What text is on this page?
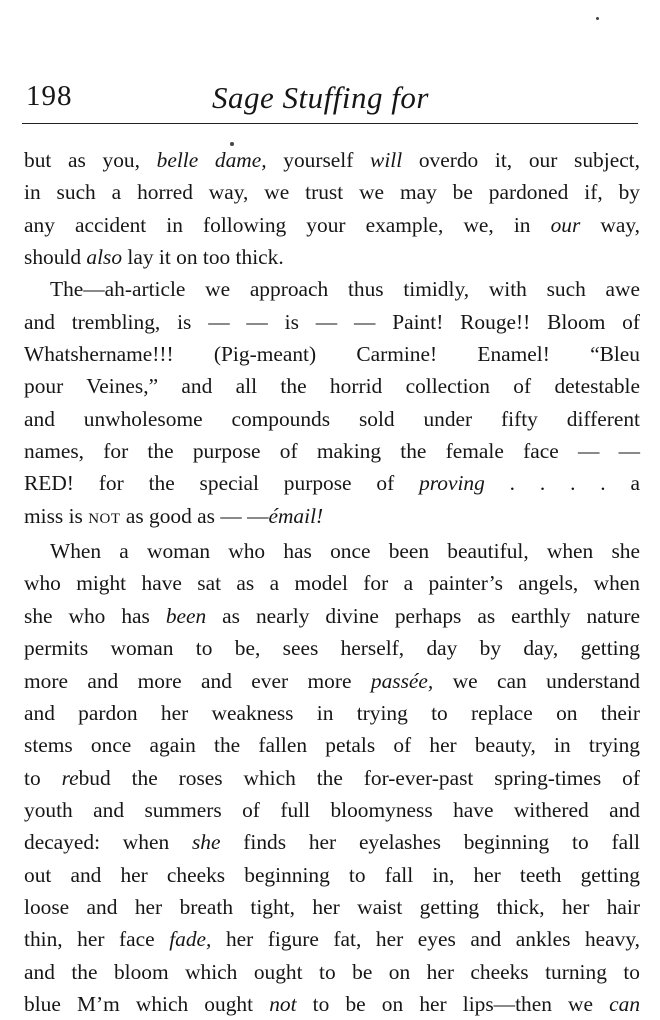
198	Sage Stuffing for

but as you, belle dame, yourself will overdo it, our subject,

in such a horred way, we trust we may be pardoned if, by

any accident in following your example, we, in our way,

should also lay it on too thick.

The—ah-article we approach thus timidly, with such awe

and trembling, is — — is — — Paint! Rouge!! Bloom of

Whatshername!!! (Pig-meant) Carmine! Enamel! “Bleu

pour Veines,” and all the horrid collection of detestable

and unwholesome compounds sold under fifty different

names, for the purpose of making the female face — —

RED! for the special purpose of proving . . . . a

miss is NOT as good as — —émail!

When a woman who has once been beautiful, when she

who might have sat as a model for a painter’s angels, when

she who has been as nearly divine perhaps as earthly nature

permits woman to be, sees herself, day by day, getting

more and more and ever more passée, we can understand

and pardon her weakness in trying to replace on their

stems once again the fallen petals of her beauty, in trying

to rebud the roses which the for-ever-past spring-times of

youth and summers of full bloomyness have withered and

decayed: when she finds her eyelashes beginning to fall

out and her cheeks beginning to fall in, her teeth getting

loose and her breath tight, her waist getting thick, her hair

thin, her face fade, her figure fat, her eyes and ankles heavy,

and the bloom which ought to be on her cheeks turning to

blue M’m which ought not to be on her lips—then we can
